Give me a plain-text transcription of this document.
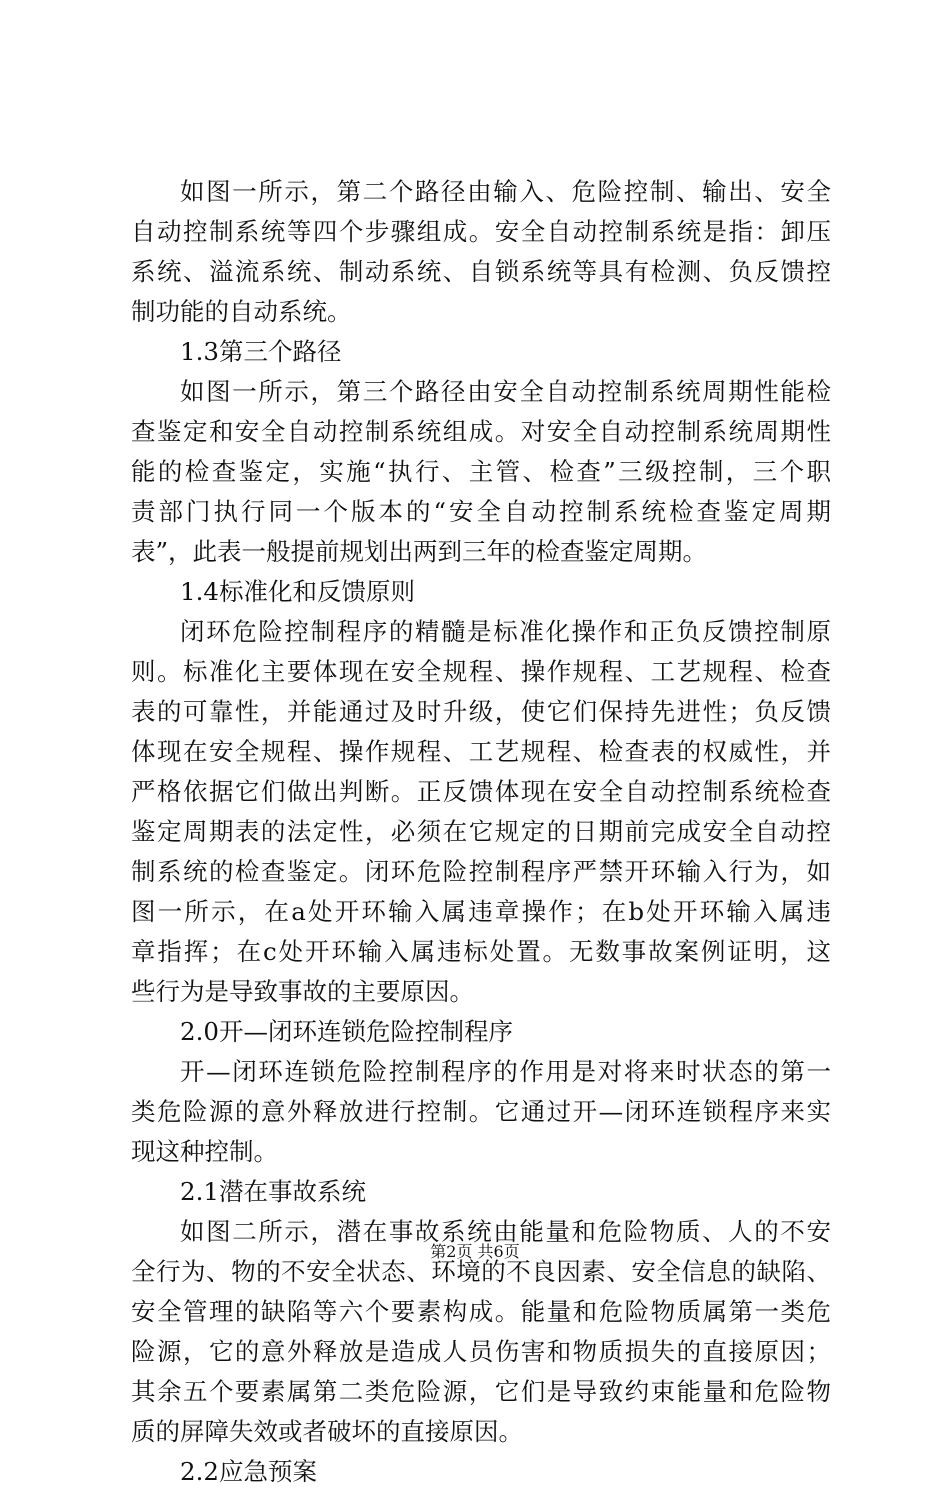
如图一所示，第二个路径由输入、危险控制、输出、安全
自动控制系统等四个步骤组成。安全自动控制系统是指：卸压
系统、溢流系统、制动系统、自锁系统等具有检测、负反馈控
制功能的自动系统。
1.3第三个路径
如图一所示，第三个路径由安全自动控制系统周期性能检
查鉴定和安全自动控制系统组成。对安全自动控制系统周期性
能的检查鉴定，实施“执行、主管、检查”三级控制，三个职
责部门执行同一个版本的“安全自动控制系统检查鉴定周期
表”，此表一般提前规划出两到三年的检查鉴定周期。
1.4标准化和反馈原则
闭环危险控制程序的精髓是标准化操作和正负反馈控制原
则。标准化主要体现在安全规程、操作规程、工艺规程、检查
表的可靠性，并能通过及时升级，使它们保持先进性；负反馈
体现在安全规程、操作规程、工艺规程、检查表的权威性，并
严格依据它们做出判断。正反馈体现在安全自动控制系统检查
鉴定周期表的法定性，必须在它规定的日期前完成安全自动控
制系统的检查鉴定。闭环危险控制程序严禁开环输入行为，如
图一所示，在a处开环输入属违章操作；在b处开环输入属违
章指挥；在c处开环输入属违标处置。无数事故案例证明，这
些行为是导致事故的主要原因。
2.0开—闭环连锁危险控制程序
开—闭环连锁危险控制程序的作用是对将来时状态的第一
类危险源的意外释放进行控制。它通过开—闭环连锁程序来实
现这种控制。
2.1潜在事故系统
如图二所示，潜在事故系统由能量和危险物质、人的不安
全行为、物的不安全状态、环境的不良因素、安全信息的缺陷、
安全管理的缺陷等六个要素构成。能量和危险物质属第一类危
险源，它的意外释放是造成人员伤害和物质损失的直接原因；
其余五个要素属第二类危险源，它们是导致约束能量和危险物
质的屏障失效或者破坏的直接原因。
2.2应急预案
第2页 共6页
